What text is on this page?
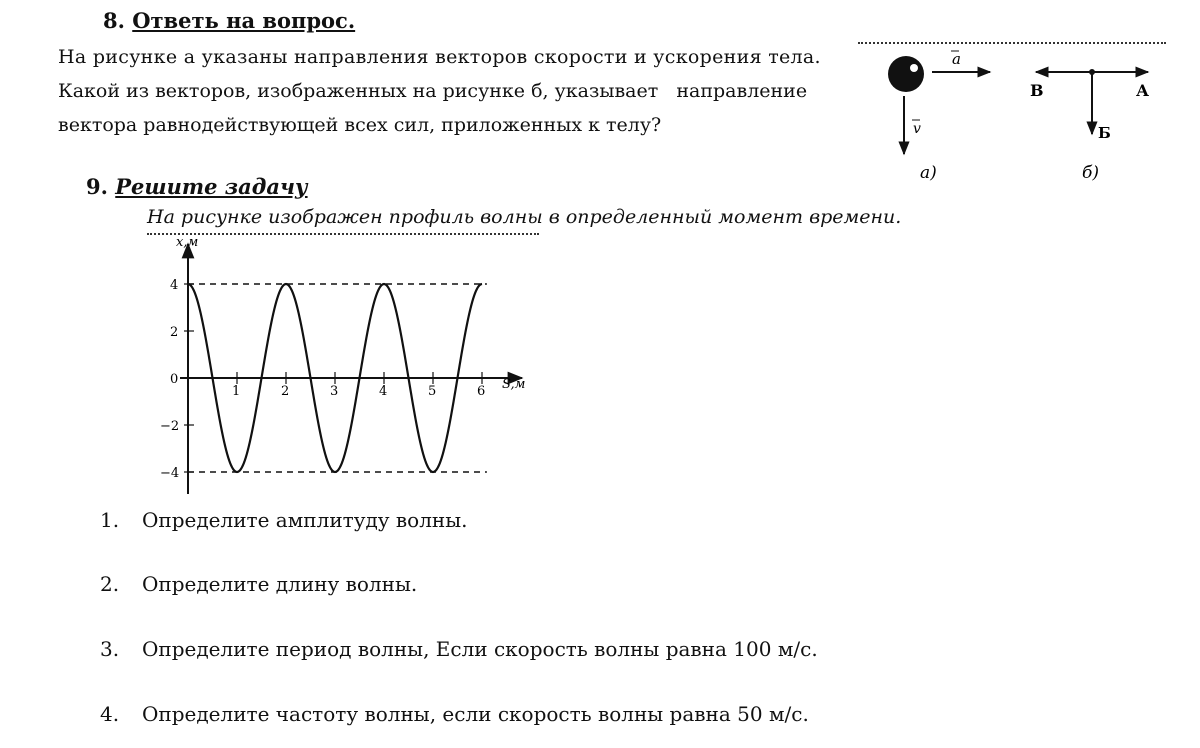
8. Ответь на вопрос.
На рисунке а указаны направления векторов скорости и ускорения тела.
Какой из векторов, изображенных на рисунке б, указывает   направление
вектора равнодействующей всех сил, приложенных к телу?
a
v
а)
В	А
Б
б)
9. Решите задачу
На рисунке изображен профиль волны в определенный момент времени.
1	2	3	4	5	6
4
2
0
−2
−4
x,м
S,м
1. Определите амплитуду волны.
2. Определите длину волны.
3. Определите период волны, Если скорость волны равна 100 м/с.
4. Определите частоту волны, если скорость волны равна 50 м/с.
